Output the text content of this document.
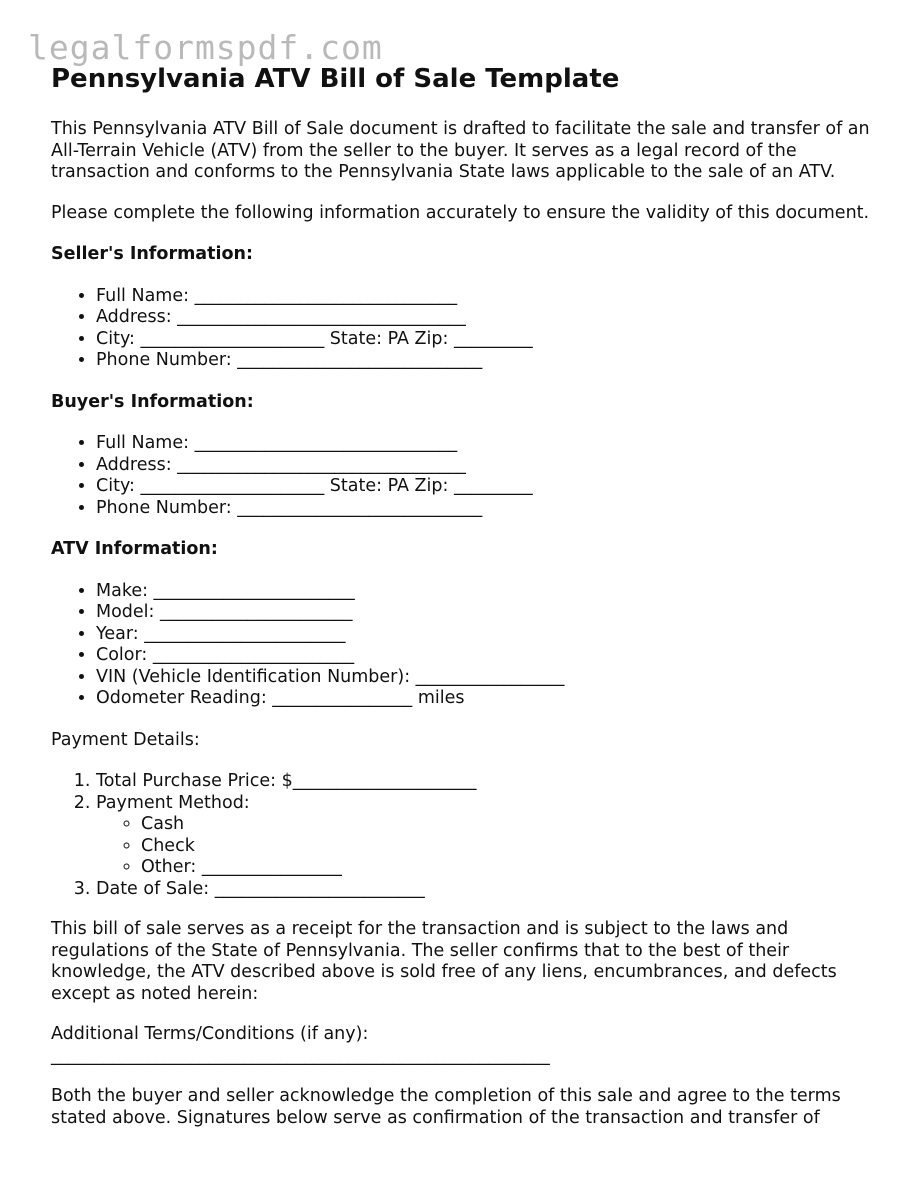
legalformspdf.com
Pennsylvania ATV Bill of Sale Template

This Pennsylvania ATV Bill of Sale document is drafted to facilitate the sale and transfer of an All-Terrain Vehicle (ATV) from the seller to the buyer. It serves as a legal record of the transaction and conforms to the Pennsylvania State laws applicable to the sale of an ATV.

Please complete the following information accurately to ensure the validity of this document.

Seller's Information:

• Full Name: ______________________________
• Address: _________________________________
• City: _____________________ State: PA Zip: _________
• Phone Number: ____________________________

Buyer's Information:

• Full Name: ______________________________
• Address: _________________________________
• City: _____________________ State: PA Zip: _________
• Phone Number: ____________________________

ATV Information:

• Make: _______________________
• Model: ______________________
• Year: _______________________
• Color: _______________________
• VIN (Vehicle Identification Number): _________________
• Odometer Reading: ________________ miles

Payment Details:

1. Total Purchase Price: $_____________________
2. Payment Method:
◦ Cash
◦ Check
◦ Other: ________________
3. Date of Sale: ________________________

This bill of sale serves as a receipt for the transaction and is subject to the laws and regulations of the State of Pennsylvania. The seller confirms that to the best of their knowledge, the ATV described above is sold free of any liens, encumbrances, and defects except as noted herein:

Additional Terms/Conditions (if any):

_________________________________________________________

Both the buyer and seller acknowledge the completion of this sale and agree to the terms stated above. Signatures below serve as confirmation of the transaction and transfer of
